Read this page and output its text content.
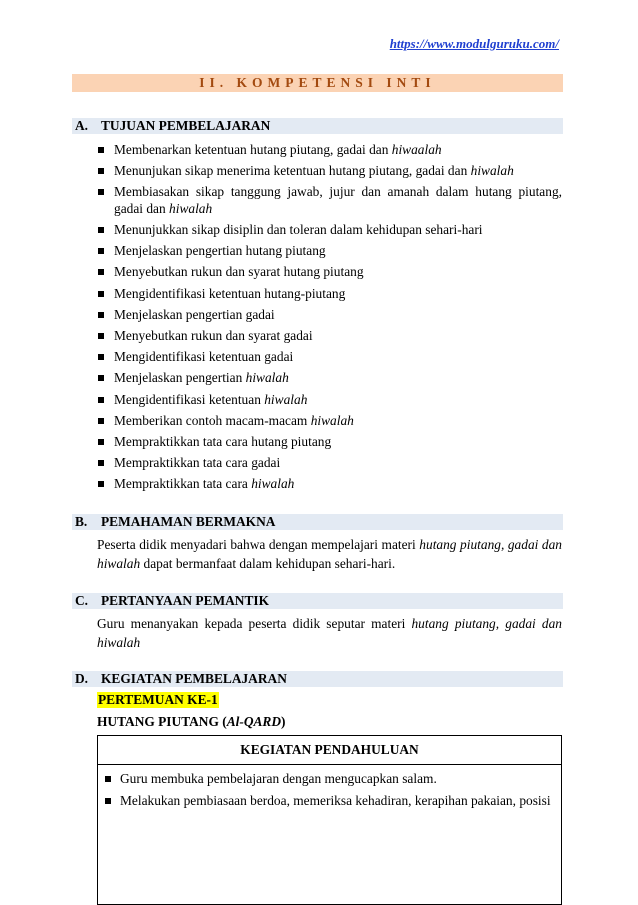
https://www.modulguruku.com/
II. KOMPETENSI INTI
A. TUJUAN PEMBELAJARAN
Membenarkan ketentuan hutang piutang, gadai dan hiwaalah
Menunjukan sikap menerima ketentuan hutang piutang, gadai dan hiwalah
Membiasakan sikap tanggung jawab, jujur dan amanah dalam hutang piutang, gadai dan hiwalah
Menunjukkan sikap disiplin dan toleran dalam kehidupan sehari-hari
Menjelaskan pengertian hutang piutang
Menyebutkan rukun dan syarat hutang piutang
Mengidentifikasi ketentuan hutang-piutang
Menjelaskan pengertian gadai
Menyebutkan rukun dan syarat gadai
Mengidentifikasi ketentuan gadai
Menjelaskan pengertian hiwalah
Mengidentifikasi ketentuan hiwalah
Memberikan contoh macam-macam hiwalah
Mempraktikkan tata cara hutang piutang
Mempraktikkan tata cara gadai
Mempraktikkan tata cara hiwalah
B. PEMAHAMAN BERMAKNA
Peserta didik menyadari bahwa dengan mempelajari materi hutang piutang, gadai dan hiwalah dapat bermanfaat dalam kehidupan sehari-hari.
C. PERTANYAAN PEMANTIK
Guru menanyakan kepada peserta didik seputar materi hutang piutang, gadai dan hiwalah
D. KEGIATAN PEMBELAJARAN
PERTEMUAN KE-1
HUTANG PIUTANG (Al-QARD)
KEGIATAN PENDAHULUAN
Guru membuka pembelajaran dengan mengucapkan salam.
Melakukan pembiasaan berdoa, memeriksa kehadiran, kerapihan pakaian, posisi
